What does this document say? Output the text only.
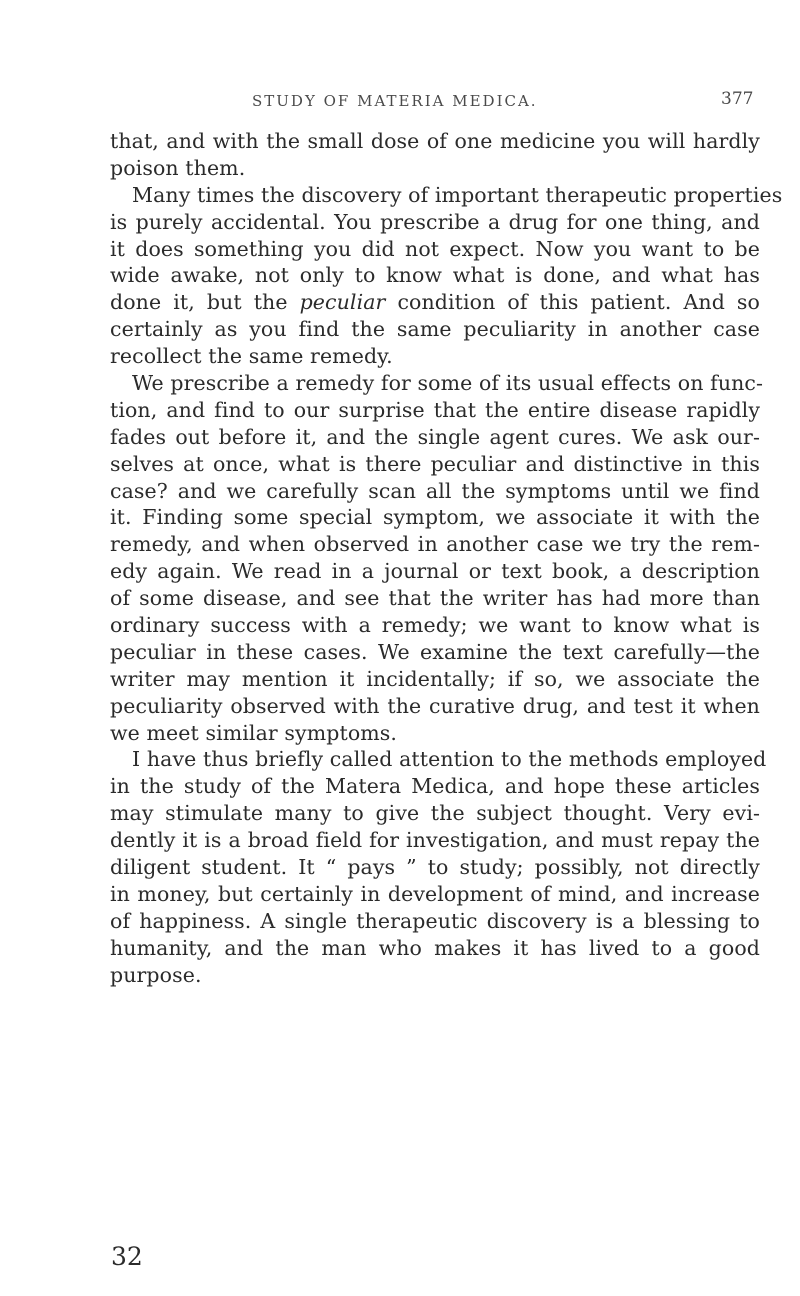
STUDY OF MATERIA MEDICA.	377
that, and with the small dose of one medicine you will hardly
poison them.
Many times the discovery of important therapeutic properties
is purely accidental. You prescribe a drug for one thing, and
it does something you did not expect. Now you want to be
wide awake, not only to know what is done, and what has
done it, but the peculiar condition of this patient. And so
certainly as you find the same peculiarity in another case
recollect the same remedy.
We prescribe a remedy for some of its usual effects on func-
tion, and find to our surprise that the entire disease rapidly
fades out before it, and the single agent cures. We ask our-
selves at once, what is there peculiar and distinctive in this
case? and we carefully scan all the symptoms until we find
it. Finding some special symptom, we associate it with the
remedy, and when observed in another case we try the rem-
edy again. We read in a journal or text book, a description
of some disease, and see that the writer has had more than
ordinary success with a remedy; we want to know what is
peculiar in these cases. We examine the text carefully—the
writer may mention it incidentally; if so, we associate the
peculiarity observed with the curative drug, and test it when
we meet similar symptoms.
I have thus briefly called attention to the methods employed
in the study of the Matera Medica, and hope these articles
may stimulate many to give the subject thought. Very evi-
dently it is a broad field for investigation, and must repay the
diligent student. It “ pays ” to study; possibly, not directly
in money, but certainly in development of mind, and increase
of happiness. A single therapeutic discovery is a blessing to
humanity, and the man who makes it has lived to a good
purpose.
32
